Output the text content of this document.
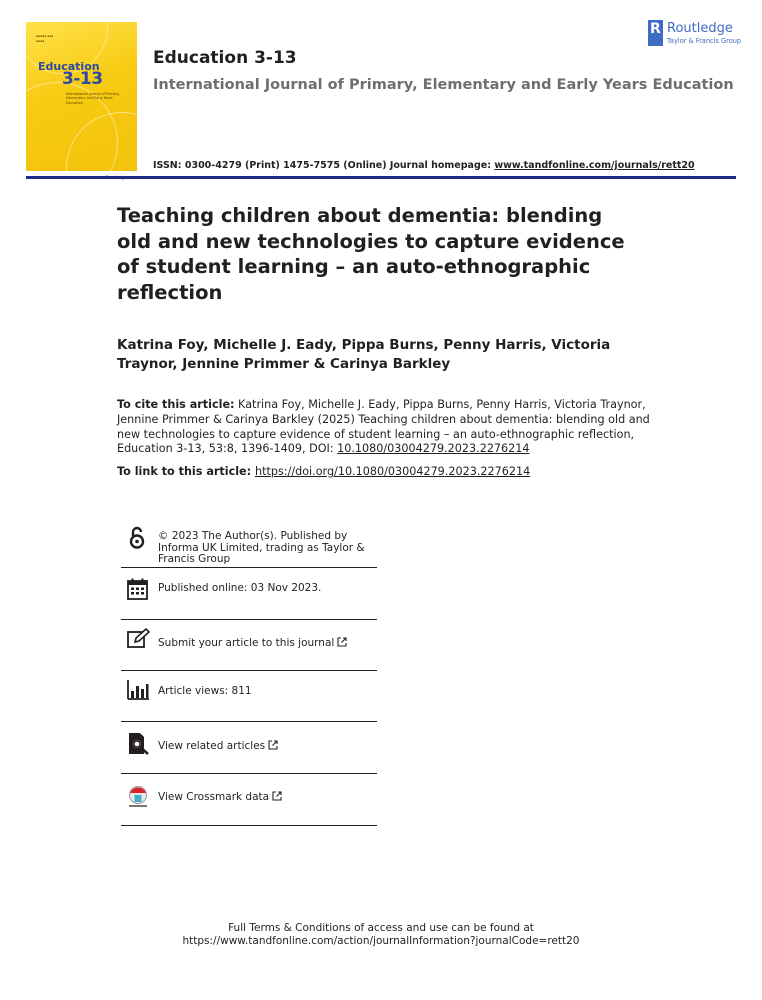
▪▪▪▪▪ ▪▪▪
▪▪▪▪
Education
3-13
International Journal of Primary, Elementary and Early Years Education
ASPE
Education 3-13
International Journal of Primary, Elementary and Early Years Education
ISSN: 0300-4279 (Print) 1475-7575 (Online) Journal homepage: www.tandfonline.com/journals/rett20
R Routledge
Taylor & Francis Group
Teaching children about dementia: blending old and new technologies to capture evidence of student learning – an auto-ethnographic reflection
Katrina Foy, Michelle J. Eady, Pippa Burns, Penny Harris, Victoria Traynor, Jennine Primmer & Carinya Barkley
To cite this article: Katrina Foy, Michelle J. Eady, Pippa Burns, Penny Harris, Victoria Traynor, Jennine Primmer & Carinya Barkley (2025) Teaching children about dementia: blending old and new technologies to capture evidence of student learning – an auto-ethnographic reflection, Education 3-13, 53:8, 1396-1409, DOI: 10.1080/03004279.2023.2276214
To link to this article: https://doi.org/10.1080/03004279.2023.2276214
© 2023 The Author(s). Published by Informa UK Limited, trading as Taylor & Francis Group
Published online: 03 Nov 2023.
Submit your article to this journal
Article views: 811
View related articles
View Crossmark data
Full Terms & Conditions of access and use can be found at
https://www.tandfonline.com/action/journalInformation?journalCode=rett20
